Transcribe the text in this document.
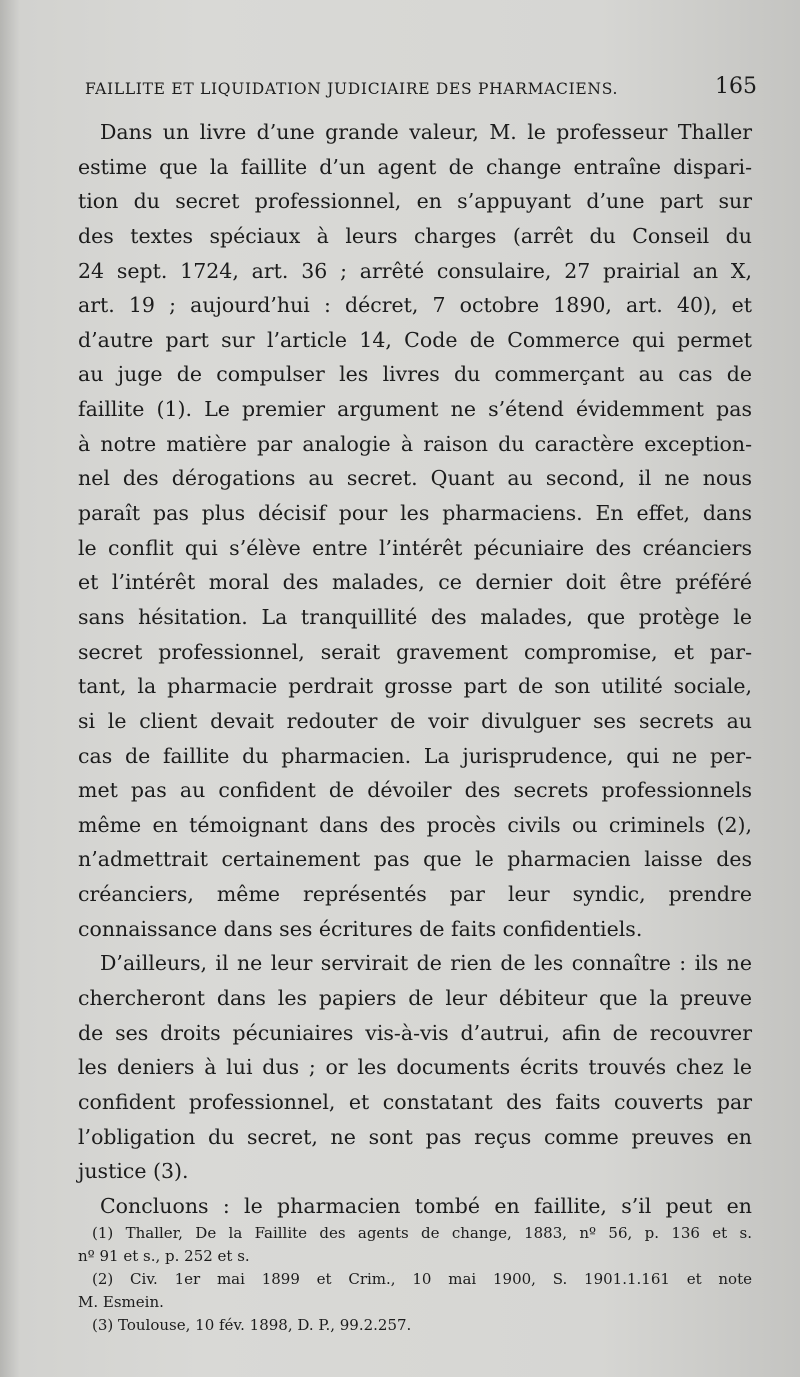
FAILLITE ET LIQUIDATION JUDICIAIRE DES PHARMACIENS.	165
Dans un livre d’une grande valeur, M. le professeur Thaller
estime que la faillite d’un agent de change entraîne dispari-
tion du secret professionnel, en s’appuyant d’une part sur
des textes spéciaux à leurs charges (arrêt du Conseil du
24 sept. 1724, art. 36 ; arrêté consulaire, 27 prairial an X,
art. 19 ; aujourd’hui : décret, 7 octobre 1890, art. 40), et
d’autre part sur l’article 14, Code de Commerce qui permet
au juge de compulser les livres du commerçant au cas de
faillite (1). Le premier argument ne s’étend évidemment pas
à notre matière par analogie à raison du caractère exception-
nel des dérogations au secret. Quant au second, il ne nous
paraît pas plus décisif pour les pharmaciens. En effet, dans
le conflit qui s’élève entre l’intérêt pécuniaire des créanciers
et l’intérêt moral des malades, ce dernier doit être préféré
sans hésitation. La tranquillité des malades, que protège le
secret professionnel, serait gravement compromise, et par-
tant, la pharmacie perdrait grosse part de son utilité sociale,
si le client devait redouter de voir divulguer ses secrets au
cas de faillite du pharmacien. La jurisprudence, qui ne per-
met pas au confident de dévoiler des secrets professionnels
même en témoignant dans des procès civils ou criminels (2),
n’admettrait certainement pas que le pharmacien laisse des
créanciers, même représentés par leur syndic, prendre
connaissance dans ses écritures de faits confidentiels.
D’ailleurs, il ne leur servirait de rien de les connaître : ils ne
chercheront dans les papiers de leur débiteur que la preuve
de ses droits pécuniaires vis-à-vis d’autrui, afin de recouvrer
les deniers à lui dus ; or les documents écrits trouvés chez le
confident professionnel, et constatant des faits couverts par
l’obligation du secret, ne sont pas reçus comme preuves en
justice (3).
Concluons : le pharmacien tombé en faillite, s’il peut en
(1) Thaller, De la Faillite des agents de change, 1883, nº 56, p. 136 et s.
nº 91 et s., p. 252 et s.
(2) Civ. 1er mai 1899 et Crim., 10 mai 1900, S. 1901.1.161 et note
M. Esmein.
(3) Toulouse, 10 fév. 1898, D. P., 99.2.257.
